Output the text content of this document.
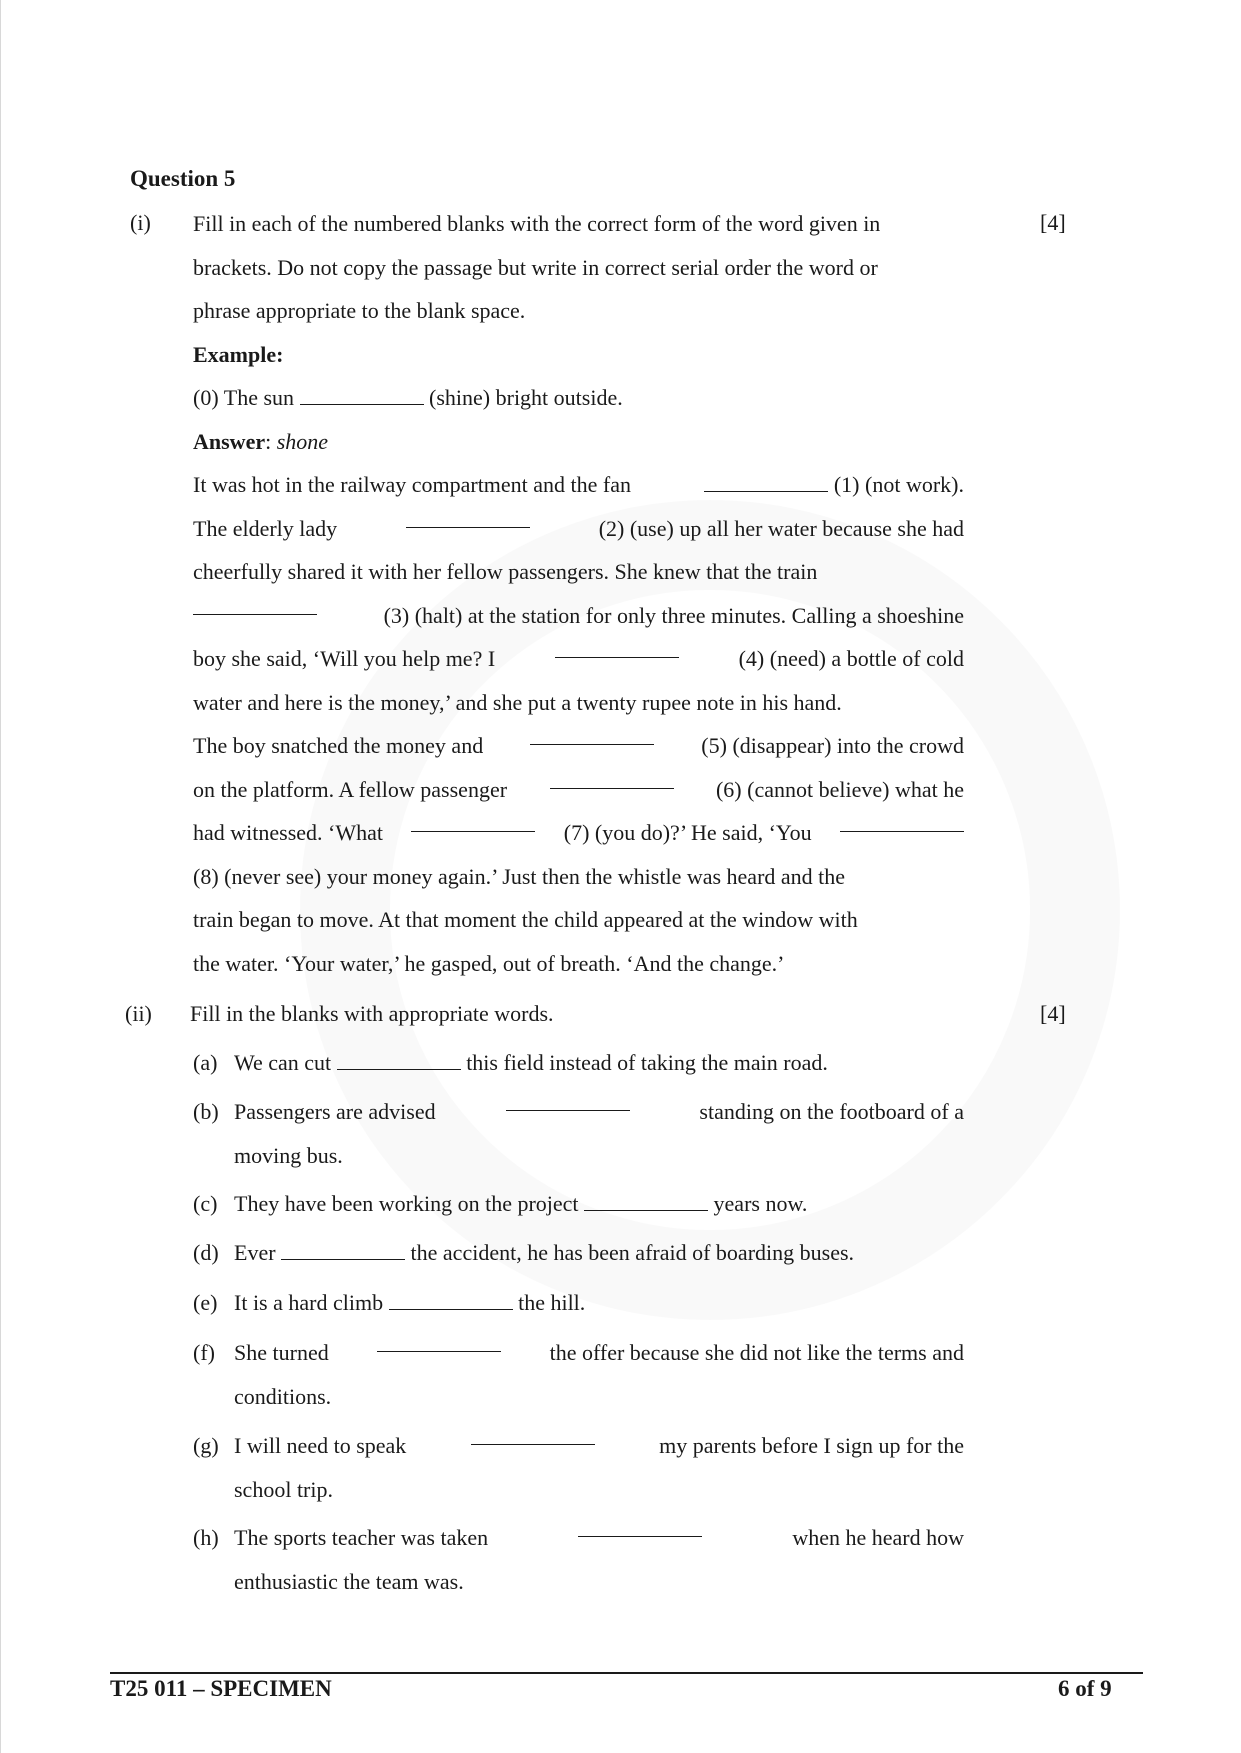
Question 5
(i)	[4]
Fill in each of the numbered blanks with the correct form of the word given in
brackets. Do not copy the passage but write in correct serial order the word or
phrase appropriate to the blank space.
Example:
(0) The sun	(shine) bright outside.
Answer: shone
It was hot in the railway compartment and the fan	(1) (not work).
The elderly lady	(2) (use) up all her water because she had
cheerfully shared it with her fellow passengers. She knew that the train
(3) (halt) at the station for only three minutes. Calling a shoeshine
boy she said, ‘Will you help me? I	(4) (need) a bottle of cold
water and here is the money,’ and she put a twenty rupee note in his hand.
The boy snatched the money and	(5) (disappear) into the crowd
on the platform. A fellow passenger	(6) (cannot believe) what he
had witnessed. ‘What	(7) (you do)?’ He said, ‘You
(8) (never see) your money again.’ Just then the whistle was heard and the
train began to move. At that moment the child appeared at the window with
the water. ‘Your water,’ he gasped, out of breath. ‘And the change.’
(ii)	[4]
Fill in the blanks with appropriate words.
(a) We can cut	this field instead of taking the main road.
(b) Passengers are advised	standing on the footboard of a
moving bus.
(c) They have been working on the project	years now.
(d) Ever	the accident, he has been afraid of boarding buses.
(e) It is a hard climb	the hill.
(f) She turned	the offer because she did not like the terms and
conditions.
(g) I will need to speak	my parents before I sign up for the
school trip.
(h) The sports teacher was taken	when he heard how
enthusiastic the team was.
T25 011 – SPECIMEN	6 of 9
